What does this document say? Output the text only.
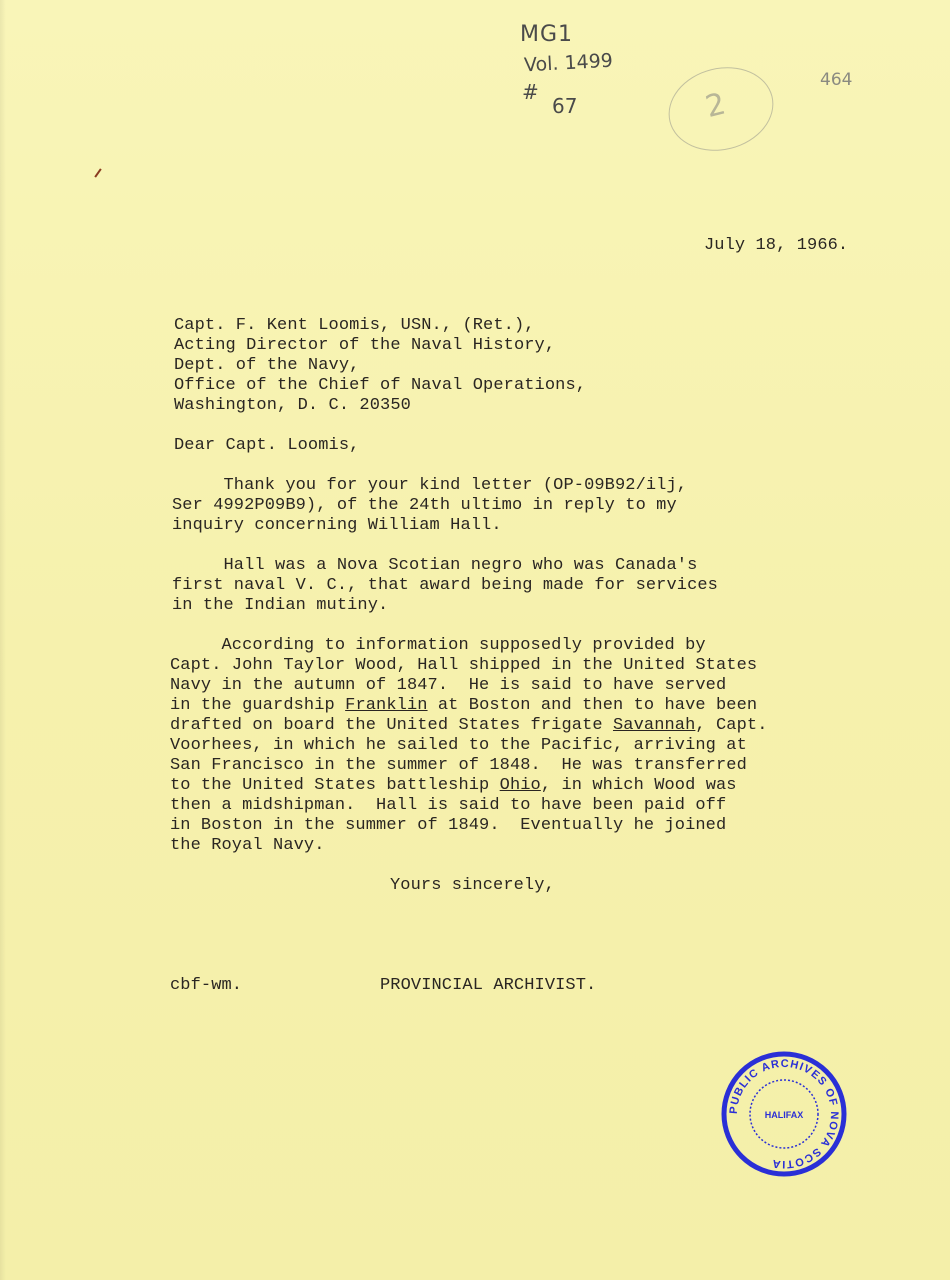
MG1
Vol. 1499
#
67
464
2
July 18, 1966.
Capt. F. Kent Loomis, USN., (Ret.),
Acting Director of the Naval History,
Dept. of the Navy,
Office of the Chief of Naval Operations,
Washington, D. C. 20350
Dear Capt. Loomis,
Thank you for your kind letter (OP-09B92/ilj,
Ser 4992P09B9), of the 24th ultimo in reply to my
inquiry concerning William Hall.
Hall was a Nova Scotian negro who was Canada's
first naval V. C., that award being made for services
in the Indian mutiny.
According to information supposedly provided by
Capt. John Taylor Wood, Hall shipped in the United States
Navy in the autumn of 1847.  He is said to have served
in the guardship Franklin at Boston and then to have been
drafted on board the United States frigate Savannah, Capt.
Voorhees, in which he sailed to the Pacific, arriving at
San Francisco in the summer of 1848.  He was transferred
to the United States battleship Ohio, in which Wood was
then a midshipman.  Hall is said to have been paid off
in Boston in the summer of 1849.  Eventually he joined
the Royal Navy.
Yours sincerely,
cbf-wm.	PROVINCIAL ARCHIVIST.
PUBLIC ARCHIVES OF NOVA SCOTIA
HALIFAX
